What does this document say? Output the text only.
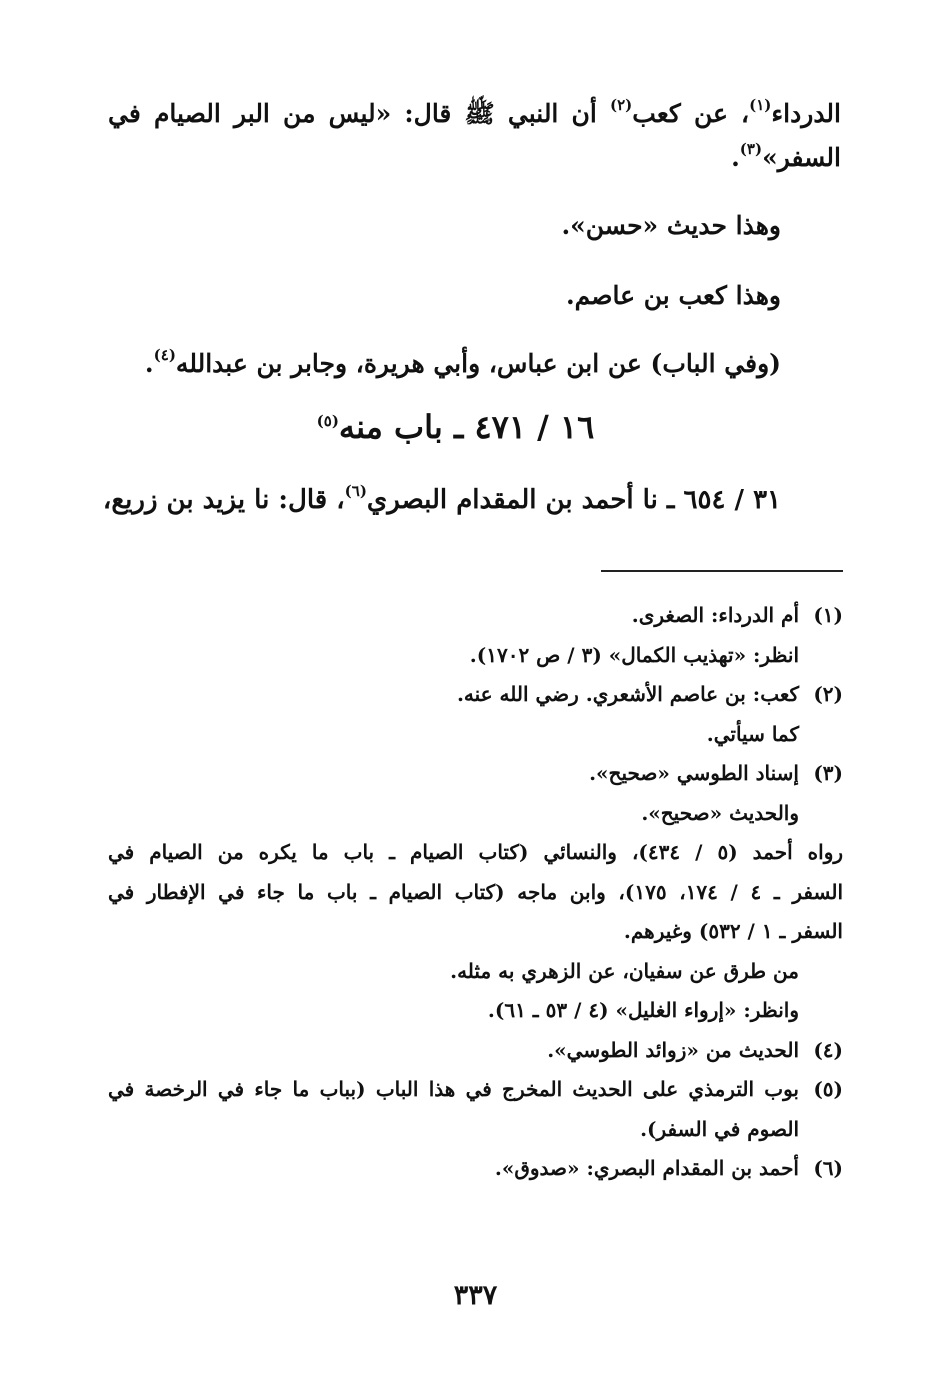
الدرداء$^{(١)}$، عن كعب$^{(٢)}$ أن النبي ﷺ قال: «ليس من البر الصيام في
السفر»$^{(٣)}$.
وهذا حديث «حسن».
وهذا كعب بن عاصم.
(وفي الباب) عن ابن عباس، وأبي هريرة، وجابر بن عبدالله$^{(٤)}$.
١٦ / ٤٧١ ـ باب منه$^{(٥)}$
٣١ / ٦٥٤ ـ نا أحمد بن المقدام البصري$^{(٦)}$، قال: نا يزيد بن زريع،
(١)أم الدرداء: الصغرى.
انظر: «تهذيب الكمال» (٣ / ص ١٧٠٢).
(٢)كعب: بن عاصم الأشعري. رضي الله عنه.
كما سيأتي.
(٣)إسناد الطوسي «صحيح».
والحديث «صحيح».
رواه أحمد (٥ / ٤٣٤)، والنسائي (كتاب الصيام ـ باب ما يكره من الصيام في
السفر ـ ٤ / ١٧٤، ١٧٥)، وابن ماجه (كتاب الصيام ـ باب ما جاء في الإفطار في
السفر ـ ١ / ٥٣٢) وغيرهم.
من طرق عن سفيان، عن الزهري به مثله.
وانظر: «إرواء الغليل» (٤ / ٥٣ ـ ٦١).
(٤)الحديث من «زوائد الطوسي».
(٥)بوب الترمذي على الحديث المخرج في هذا الباب (بباب ما جاء في الرخصة في
الصوم في السفر).
(٦)أحمد بن المقدام البصري: «صدوق».
٣٣٧
